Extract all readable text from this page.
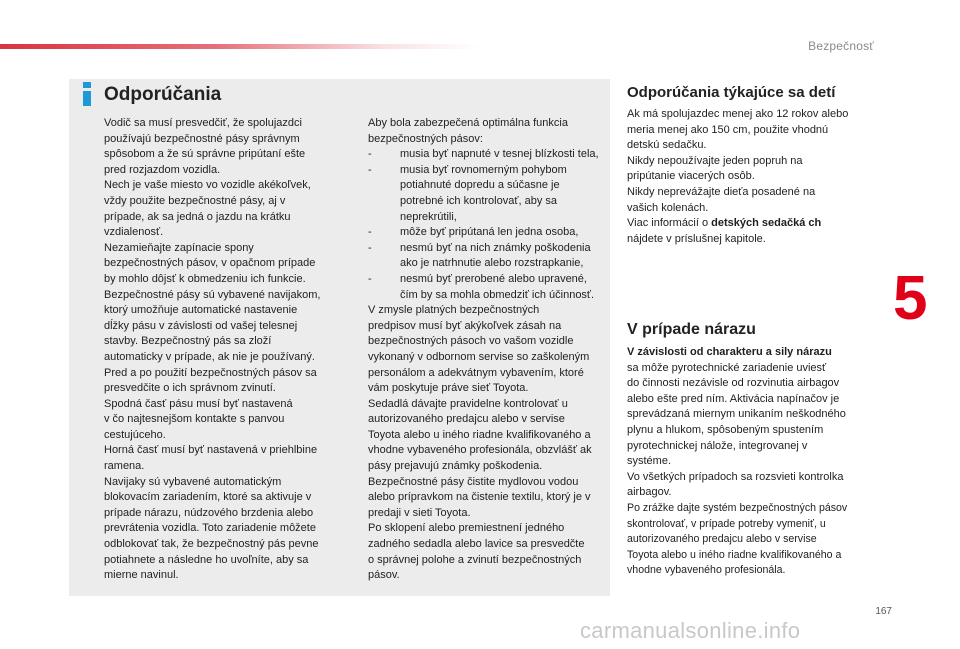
Bezpečnosť
5
Odporúčania

Vodič sa musí presvedčiť, že spolujazdci

používajú bezpečnostné pásy správnym

spôsobom a že sú správne pripútaní ešte

pred rozjazdom vozidla.

Nech je vaše miesto vo vozidle akékoľvek,

vždy použite bezpečnostné pásy, aj v

prípade, ak sa jedná o jazdu na krátku

vzdialenosť.

Nezamieňajte zapínacie spony

bezpečnostných pásov, v opačnom prípade

by mohlo dôjsť k obmedzeniu ich funkcie.

Bezpečnostné pásy sú vybavené navijakom,

ktorý umožňuje automatické nastavenie

dĺžky pásu v závislosti od vašej telesnej

stavby. Bezpečnostný pás sa zloží

automaticky v prípade, ak nie je používaný.

Pred a po použití bezpečnostných pásov sa

presvedčite o ich správnom zvinutí.

Spodná časť pásu musí byť nastavená

v čo najtesnejšom kontakte s panvou

cestujúceho.

Horná časť musí byť nastavená v priehlbine

ramena.

Navijaky sú vybavené automatickým

blokovacím zariadením, ktoré sa aktivuje v

prípade nárazu, núdzového brzdenia alebo

prevrátenia vozidla. Toto zariadenie môžete

odblokovať tak, že bezpečnostný pás pevne

potiahnete a následne ho uvoľníte, aby sa

mierne navinul.

Aby bola zabezpečená optimálna funkcia

bezpečnostných pásov:

-	musia byť napnuté v tesnej blízkosti tela,
-	musia byť rovnomerným pohybom
potiahnuté dopredu a súčasne je
potrebné ich kontrolovať, aby sa
neprekrútili,
-	môže byť pripútaná len jedna osoba,
-	nesmú byť na nich známky poškodenia
ako je natrhnutie alebo rozstrapkanie,
-	nesmú byť prerobené alebo upravené,
čím by sa mohla obmedziť ich účinnosť.

V zmysle platných bezpečnostných

predpisov musí byť akýkoľvek zásah na

bezpečnostných pásoch vo vašom vozidle

vykonaný v odbornom servise so zaškoleným

personálom a adekvátnym vybavením, ktoré

vám poskytuje práve sieť Toyota.

Sedadlá dávajte pravidelne kontrolovať u

autorizovaného predajcu alebo v servise

Toyota alebo u iného riadne kvalifikovaného a

vhodne vybaveného profesionála, obzvlášť ak

pásy prejavujú známky poškodenia.

Bezpečnostné pásy čistite mydlovou vodou

alebo prípravkom na čistenie textilu, ktorý je v

predaji v sieti Toyota.

Po sklopení alebo premiestnení jedného

zadného sedadla alebo lavice sa presvedčte

o správnej polohe a zvinutí bezpečnostných

pásov.

Odporúčania týkajúce sa detí

Ak má spolujazdec menej ako 12 rokov alebo

meria menej ako 150 cm, použite vhodnú

detskú sedačku.

Nikdy nepoužívajte jeden popruh na

pripútanie viacerých osôb.

Nikdy neprevážajte dieťa posadené na

vašich kolenách.

Viac informácií o detských sedačká ch

nájdete v príslušnej kapitole.

V prípade nárazu

V závislosti od charakteru a sily nárazu

sa môže pyrotechnické zariadenie uviesť

do činnosti nezávisle od rozvinutia airbagov

alebo ešte pred ním. Aktivácia napínačov je

sprevádzaná miernym unikaním neškodného

plynu a hlukom, spôsobeným spustením

pyrotechnickej nálože, integrovanej v

systéme.

Vo všetkých prípadoch sa rozsvieti kontrolka

airbagov.

Po zrážke dajte systém bezpečnostných pásov

skontrolovať, v prípade potreby vymeniť, u

autorizovaného predajcu alebo v servise

Toyota alebo u iného riadne kvalifikovaného a

vhodne vybaveného profesionála.

167
carmanualsonline.info
